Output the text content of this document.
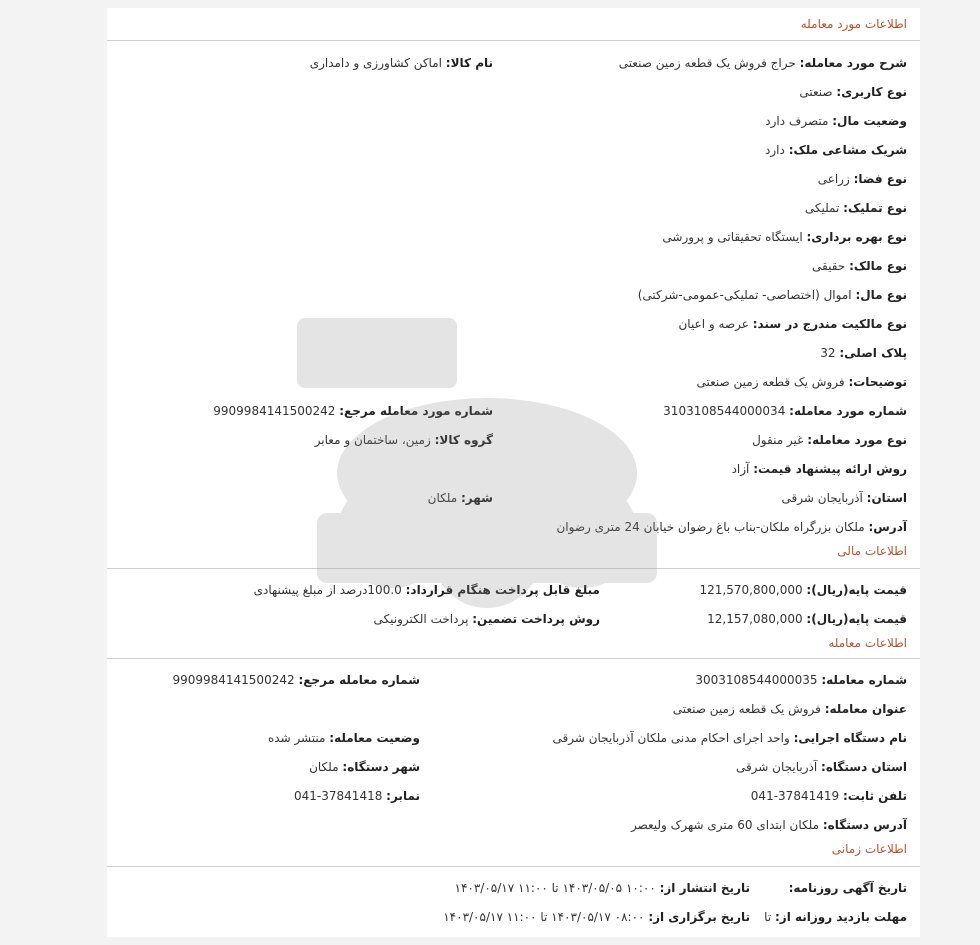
اطلاعات مورد معامله
شرح مورد معامله: حراج فروش یک قطعه زمین صنعتی
نام کالا: اماکن کشاورزی و دامداری
نوع کاربری: صنعتی
وضعیت مال: متصرف دارد
شریک مشاعی ملک: دارد
نوع فضا: زراعی
نوع تملیک: تملیکی
نوع بهره برداری: ایستگاه تحقیقاتی و پرورشی
نوع مالک: حقیقی
نوع مال: اموال (اختصاصی- تملیکی-عمومی-شرکتی)
نوع مالکیت مندرج در سند: عرصه و اعیان
پلاک اصلی: 32
توضیحات: فروش یک قطعه زمین صنعتی
شماره مورد معامله: 3103108544000034
شماره مورد معامله مرجع: 9909984141500242
نوع مورد معامله: غیر منقول
گروه کالا: زمین، ساختمان و معابر
روش ارائه پیشنهاد قیمت: آزاد
استان: آذربایجان شرقی
شهر: ملکان
آدرس: ملکان بزرگراه ملکان-بناب باغ رضوان خیابان 24 متری رضوان
اطلاعات مالی
قیمت پایه(ریال): 121,570,800,000
مبلغ قابل پرداخت هنگام قرارداد: 100.0درصد از مبلغ پیشنهادی
قیمت پایه(ریال): 12,157,080,000
روش پرداخت تضمین: پرداخت الکترونیکی
اطلاعات معامله
شماره معامله: 3003108544000035
شماره معامله مرجع: 9909984141500242
عنوان معامله: فروش یک قطعه زمین صنعتی
نام دستگاه اجرایی: واحد اجرای احکام مدنی ملکان آذربایجان شرقی
وضعیت معامله: منتشر شده
استان دستگاه: آذربایجان شرقی
شهر دستگاه: ملکان
تلفن ثابت: 37841419-041
نمابر: 37841418-041
آدرس دستگاه: ملکان ابتدای 60 متری شهرک ولیعصر
اطلاعات زمانی
تاریخ آگهی روزنامه:
تاریخ انتشار از: ۱۰:۰۰ ۱۴۰۳/۰۵/۰۵ تا ۱۱:۰۰ ۱۴۰۳/۰۵/۱۷
مهلت بازدید روزانه از: تا
تاریخ برگزاری از: ۰۸:۰۰ ۱۴۰۳/۰۵/۱۷ تا ۱۱:۰۰ ۱۴۰۳/۰۵/۱۷
